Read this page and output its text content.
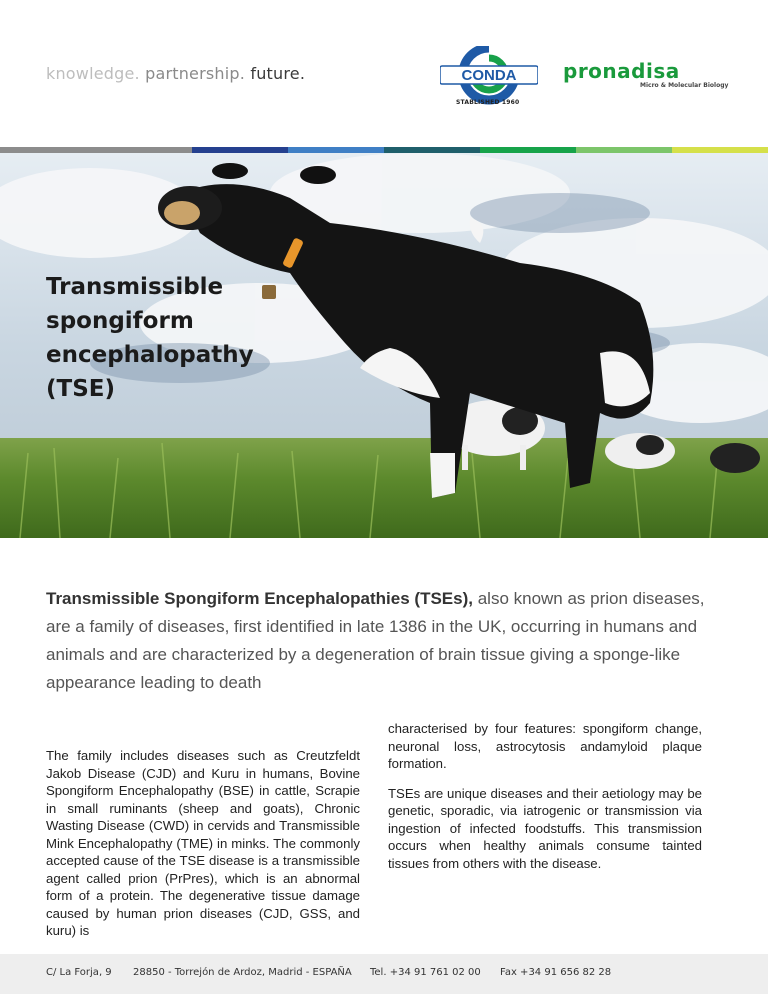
knowledge. partnership. future.	CONDA
STABLISHED 1960
pronadisa
Micro & Molecular Biology
Transmissible
spongiform
encephalopathy
(TSE)
Transmissible Spongiform Encephalopathies (TSEs), also known as prion diseases, are a family of diseases, first identified in late 1386 in the UK, occurring in humans and animals and are characterized by a degeneration of brain tissue giving a sponge-like appearance leading to death

The family includes diseases such as Creutzfeldt Jakob Disease (CJD) and Kuru in humans, Bovine Spongiform Encephalopathy (BSE) in cattle, Scrapie in small ruminants (sheep and goats), Chronic Wasting Disease (CWD) in cervids and Transmissible Mink Encephalopathy (TME) in minks. The commonly accepted cause of the TSE disease is a transmissible agent called prion (PrPres), which is an abnormal form of a protein. The degenerative tissue damage caused by human prion diseases (CJD, GSS, and kuru) is

characterised by four features: spongiform change, neuronal loss, astrocytosis andamyloid plaque formation.

TSEs are unique diseases and their aetiology may be genetic, sporadic, via iatrogenic or transmission via ingestion of infected foodstuffs. This transmission occurs when healthy animals consume tainted tissues from others with the disease.

C/ La Forja, 9 28850 - Torrejón de Ardoz, Madrid - ESPAÑA Tel. +34 91 761 02 00 Fax +34 91 656 82 28
